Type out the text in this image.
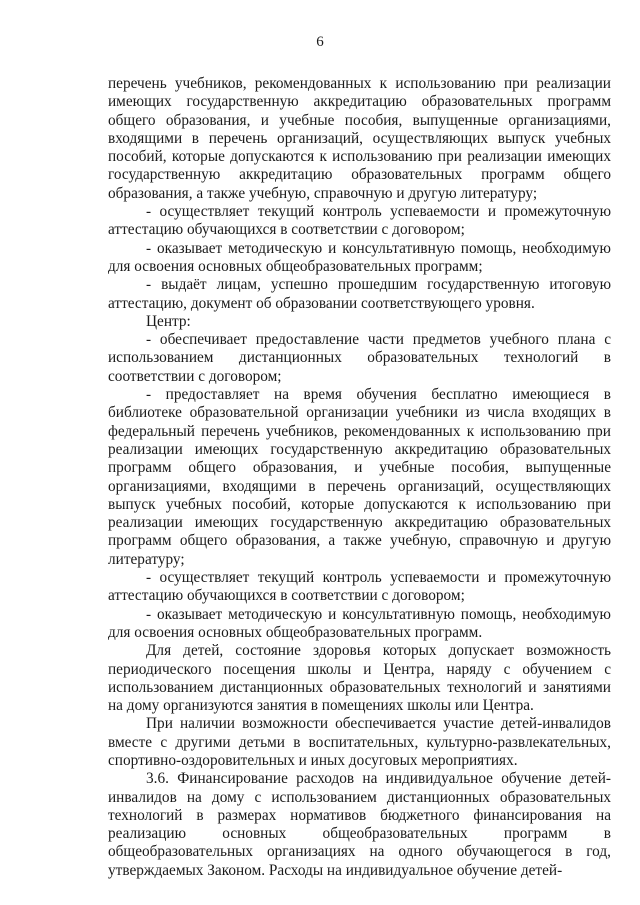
6

перечень учебников, рекомендованных к использованию при реализации имеющих государственную аккредитацию образовательных программ общего образования, и учебные пособия, выпущенные организациями, входящими в перечень организаций, осуществляющих выпуск учебных пособий, которые допускаются к использованию при реализации имеющих государственную аккредитацию образовательных программ общего образования, а также учебную, справочную и другую литературу;

- осуществляет текущий контроль успеваемости и промежуточную аттестацию обучающихся в соответствии с договором;

- оказывает методическую и консультативную помощь, необходимую для освоения основных общеобразовательных программ;

- выдаёт лицам, успешно прошедшим государственную итоговую аттестацию, документ об образовании соответствующего уровня.

Центр:

- обеспечивает предоставление части предметов учебного плана с использованием дистанционных образовательных технологий в соответствии с договором;

- предоставляет на время обучения бесплатно имеющиеся в библиотеке образовательной организации учебники из числа входящих в федеральный перечень учебников, рекомендованных к использованию при реализации имеющих государственную аккредитацию образовательных программ общего образования, и учебные пособия, выпущенные организациями, входящими в перечень организаций, осуществляющих выпуск учебных пособий, которые допускаются к использованию при реализации имеющих государственную аккредитацию образовательных программ общего образования, а также учебную, справочную и другую литературу;

- осуществляет текущий контроль успеваемости и промежуточную аттестацию обучающихся в соответствии с договором;

- оказывает методическую и консультативную помощь, необходимую для освоения основных общеобразовательных программ.

Для детей, состояние здоровья которых допускает возможность периодического посещения школы и Центра, наряду с обучением с использованием дистанционных образовательных технологий и занятиями на дому организуются занятия в помещениях школы или Центра.

При наличии возможности обеспечивается участие детей-инвалидов вместе с другими детьми в воспитательных, культурно-развлекательных, спортивно-оздоровительных и иных досуговых мероприятиях.

3.6. Финансирование расходов на индивидуальное обучение детей-инвалидов на дому с использованием дистанционных образовательных технологий в размерах нормативов бюджетного финансирования на реализацию основных общеобразовательных программ в общеобразовательных организациях на одного обучающегося в год, утверждаемых Законом. Расходы на индивидуальное обучение детей-
